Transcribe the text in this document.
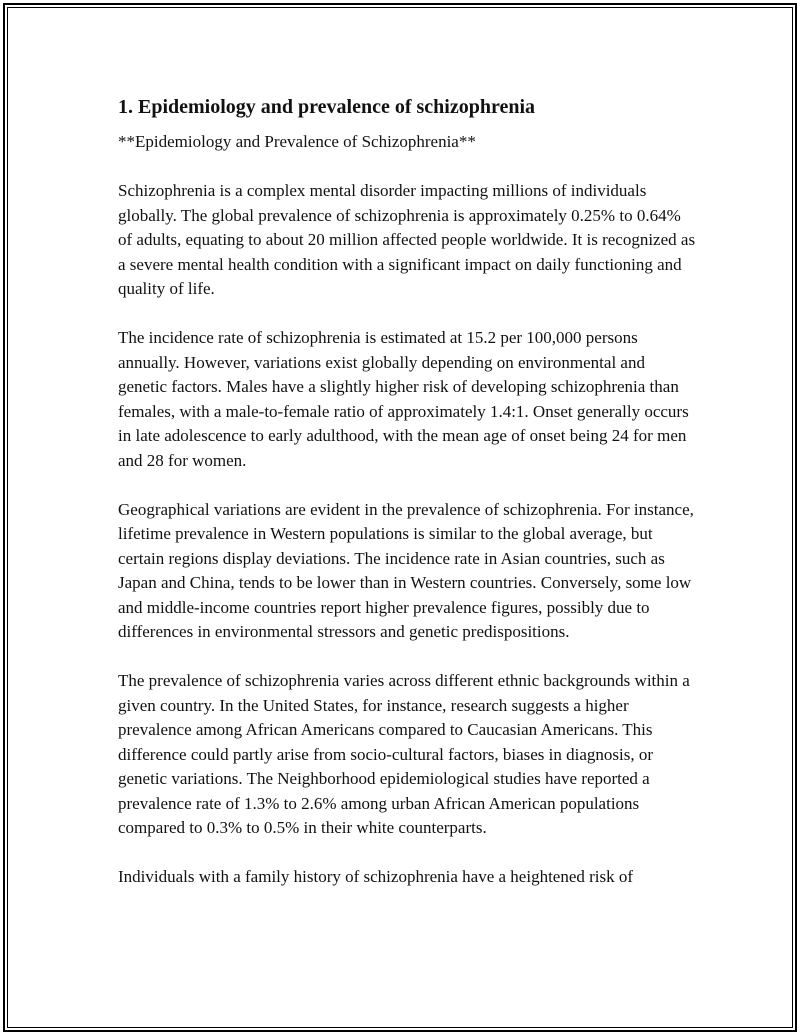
1. Epidemiology and prevalence of schizophrenia

**Epidemiology and Prevalence of Schizophrenia**

Schizophrenia is a complex mental disorder impacting millions of individuals globally. The global prevalence of schizophrenia is approximately 0.25% to 0.64% of adults, equating to about 20 million affected people worldwide. It is recognized as a severe mental health condition with a significant impact on daily functioning and quality of life.

The incidence rate of schizophrenia is estimated at 15.2 per 100,000 persons annually. However, variations exist globally depending on environmental and genetic factors. Males have a slightly higher risk of developing schizophrenia than females, with a male-to-female ratio of approximately 1.4:1. Onset generally occurs in late adolescence to early adulthood, with the mean age of onset being 24 for men and 28 for women.

Geographical variations are evident in the prevalence of schizophrenia. For instance, lifetime prevalence in Western populations is similar to the global average, but certain regions display deviations. The incidence rate in Asian countries, such as Japan and China, tends to be lower than in Western countries. Conversely, some low and middle-income countries report higher prevalence figures, possibly due to differences in environmental stressors and genetic predispositions.

The prevalence of schizophrenia varies across different ethnic backgrounds within a given country. In the United States, for instance, research suggests a higher prevalence among African Americans compared to Caucasian Americans. This difference could partly arise from socio-cultural factors, biases in diagnosis, or genetic variations. The Neighborhood epidemiological studies have reported a prevalence rate of 1.3% to 2.6% among urban African American populations compared to 0.3% to 0.5% in their white counterparts.

Individuals with a family history of schizophrenia have a heightened risk of
